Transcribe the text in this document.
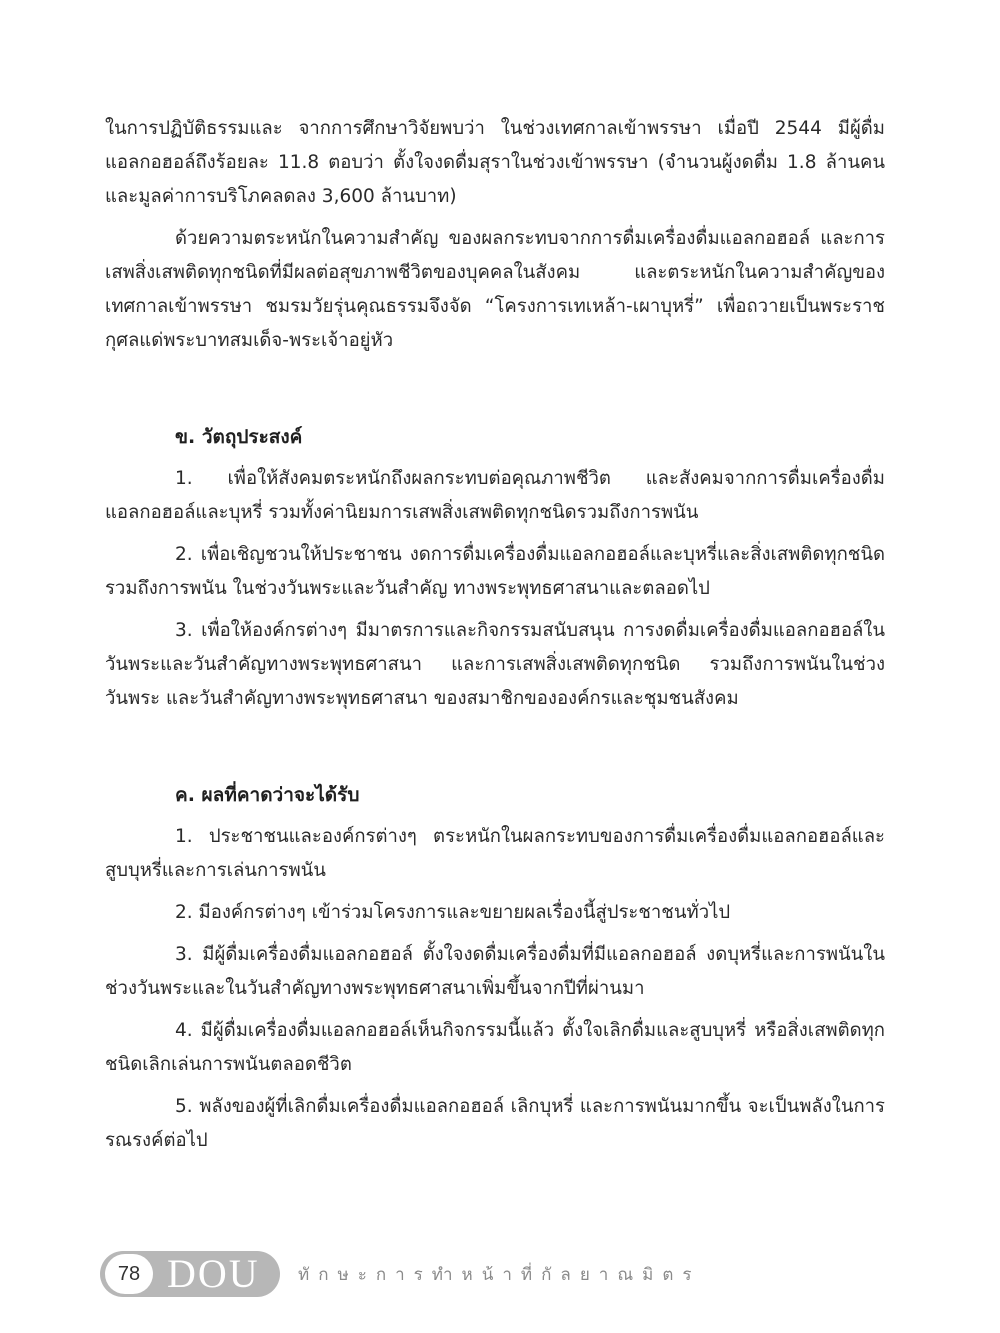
ในการปฏิบัติธรรมและ จากการศึกษาวิจัยพบว่า ในช่วงเทศกาลเข้าพรรษา เมื่อปี 2544 มีผู้ดื่มแอลกอฮอล์ถึงร้อยละ 11.8 ตอบว่า ตั้งใจงดดื่มสุราในช่วงเข้าพรรษา (จำนวนผู้งดดื่ม 1.8 ล้านคน และมูลค่าการบริโภคลดลง 3,600 ล้านบาท)

ด้วยความตระหนักในความสำคัญ ของผลกระทบจากการดื่มเครื่องดื่มแอลกอฮอล์ และการเสพสิ่งเสพติดทุกชนิดที่มีผลต่อสุขภาพชีวิตของบุคคลในสังคม และตระหนักในความสำคัญของเทศกาลเข้าพรรษา ชมรมวัยรุ่นคุณธรรมจึงจัด “โครงการเทเหล้า-เผาบุหรี่” เพื่อถวายเป็นพระราชกุศลแด่พระบาทสมเด็จ-พระเจ้าอยู่หัว

ข. วัตถุประสงค์

1. เพื่อให้สังคมตระหนักถึงผลกระทบต่อคุณภาพชีวิต และสังคมจากการดื่มเครื่องดื่มแอลกอฮอล์และบุหรี่ รวมทั้งค่านิยมการเสพสิ่งเสพติดทุกชนิดรวมถึงการพนัน

2. เพื่อเชิญชวนให้ประชาชน งดการดื่มเครื่องดื่มแอลกอฮอล์และบุหรี่และสิ่งเสพติดทุกชนิดรวมถึงการพนัน ในช่วงวันพระและวันสำคัญ ทางพระพุทธศาสนาและตลอดไป

3. เพื่อให้องค์กรต่างๆ มีมาตรการและกิจกรรมสนับสนุน การงดดื่มเครื่องดื่มแอลกอฮอล์ในวันพระและวันสำคัญทางพระพุทธศาสนา และการเสพสิ่งเสพติดทุกชนิด รวมถึงการพนันในช่วงวันพระ และวันสำคัญทางพระพุทธศาสนา ของสมาชิกขององค์กรและชุมชนสังคม

ค. ผลที่คาดว่าจะได้รับ

1. ประชาชนและองค์กรต่างๆ ตระหนักในผลกระทบของการดื่มเครื่องดื่มแอลกอฮอล์และสูบบุหรี่และการเล่นการพนัน

2. มีองค์กรต่างๆ เข้าร่วมโครงการและขยายผลเรื่องนี้สู่ประชาชนทั่วไป

3. มีผู้ดื่มเครื่องดื่มแอลกอฮอล์ ตั้งใจงดดื่มเครื่องดื่มที่มีแอลกอฮอล์ งดบุหรี่และการพนันในช่วงวันพระและในวันสำคัญทางพระพุทธศาสนาเพิ่มขึ้นจากปีที่ผ่านมา

4. มีผู้ดื่มเครื่องดื่มแอลกอฮอล์เห็นกิจกรรมนี้แล้ว ตั้งใจเลิกดื่มและสูบบุหรี่ หรือสิ่งเสพติดทุกชนิดเลิกเล่นการพนันตลอดชีวิต

5. พลังของผู้ที่เลิกดื่มเครื่องดื่มแอลกอฮอล์ เลิกบุหรี่ และการพนันมากขึ้น จะเป็นพลังในการรณรงค์ต่อไป

78 DOU ทักษะการทำหน้าที่กัลยาณมิตร
